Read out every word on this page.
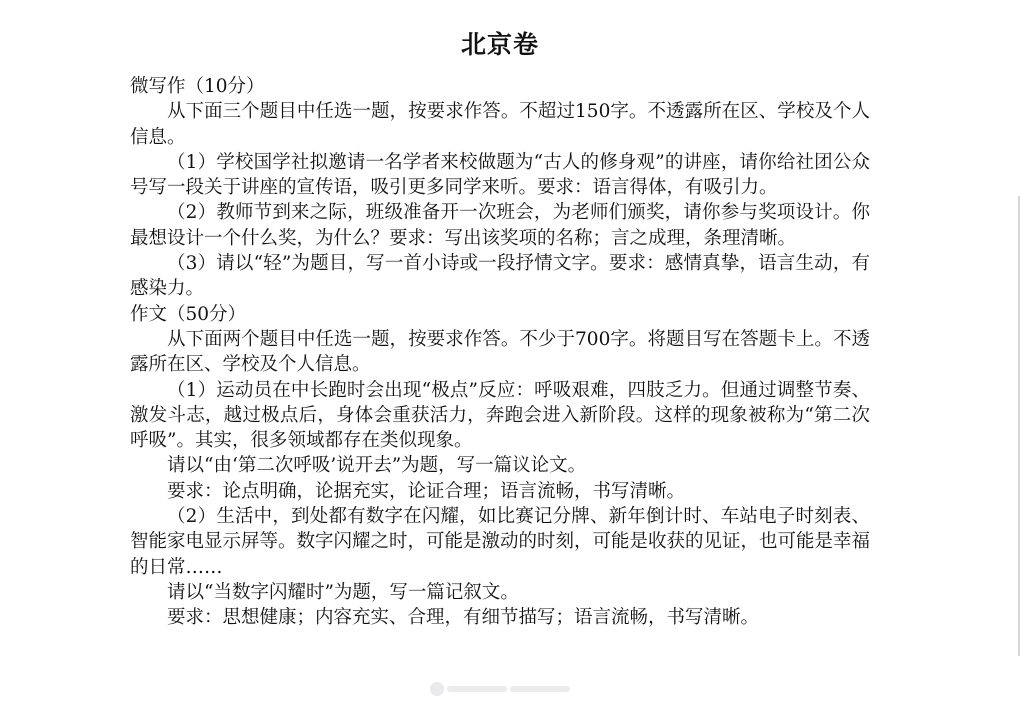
北京卷

微写作（10分）

从下面三个题目中任选一题，按要求作答。不超过150字。不透露所在区、学校及个人信息。

（1）学校国学社拟邀请一名学者来校做题为“古人的修身观”的讲座，请你给社团公众号写一段关于讲座的宣传语，吸引更多同学来听。要求：语言得体，有吸引力。

（2）教师节到来之际，班级准备开一次班会，为老师们颁奖，请你参与奖项设计。你最想设计一个什么奖，为什么？要求：写出该奖项的名称；言之成理，条理清晰。

（3）请以“轻”为题目，写一首小诗或一段抒情文字。要求：感情真挚，语言生动，有感染力。

作文（50分）

从下面两个题目中任选一题，按要求作答。不少于700字。将题目写在答题卡上。不透露所在区、学校及个人信息。

（1）运动员在中长跑时会出现“极点”反应：呼吸艰难，四肢乏力。但通过调整节奏、激发斗志，越过极点后，身体会重获活力，奔跑会进入新阶段。这样的现象被称为“第二次呼吸”。其实，很多领域都存在类似现象。

请以“由‘第二次呼吸’说开去”为题，写一篇议论文。

要求：论点明确，论据充实，论证合理；语言流畅，书写清晰。

（2）生活中，到处都有数字在闪耀，如比赛记分牌、新年倒计时、车站电子时刻表、智能家电显示屏等。数字闪耀之时，可能是激动的时刻，可能是收获的见证，也可能是幸福的日常……

请以“当数字闪耀时”为题，写一篇记叙文。

要求：思想健康；内容充实、合理，有细节描写；语言流畅，书写清晰。
